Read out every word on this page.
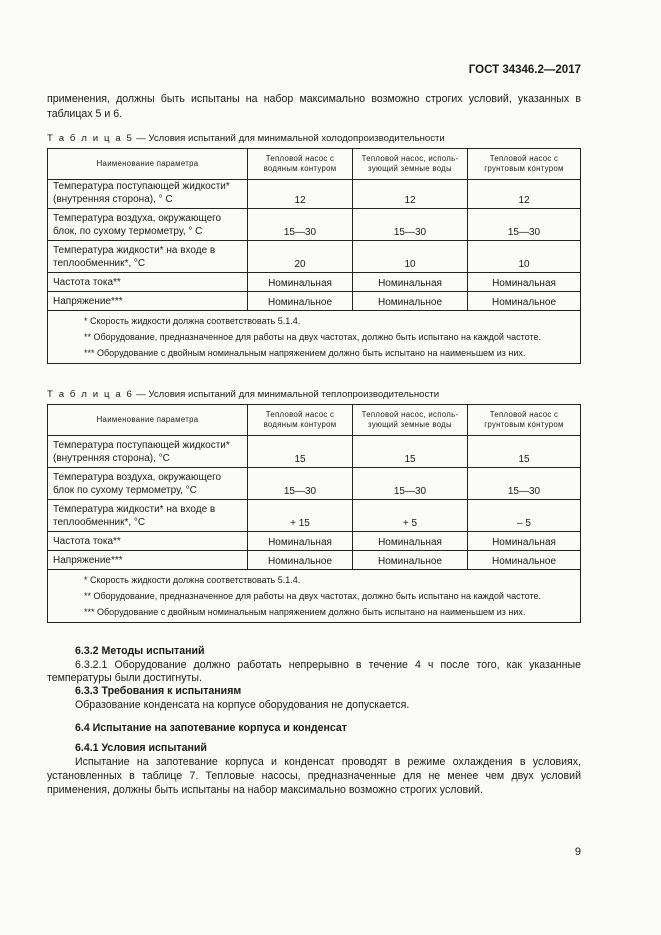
ГОСТ 34346.2—2017
применения, должны быть испытаны на набор максимально возможно строгих условий, указанных в таблицах 5 и 6.
Т а б л и ц а 5 — Условия испытаний для минимальной холодопроизводительности
Наименование параметра	Тепловой насос с водяным контуром	Тепловой насос, исполь- зующий земные воды	Тепловой насос с грунтовым контуром
Температура поступающей жидкости* (внутренняя сторона), ° С	12	12	12
Температура воздуха, окружающего блок, по сухому термометру, ° С	15—30	15—30	15—30
Температура жидкости* на входе в теплообменник*, °С	20	10	10
Частота тока**	Номинальная	Номинальная	Номинальная
Напряжение***	Номинальное	Номинальное	Номинальное

* Скорость жидкости должна соответствовать 5.1.4.
** Оборудование, предназначенное для работы на двух частотах, должно быть испытано на каждой частоте.
*** Оборудование с двойным номинальным напряжением должно быть испытано на наименьшем из них.			
Т а б л и ц а 6 — Условия испытаний для минимальной теплопроизводительности
Наименование параметра	Тепловой насос с водяным контуром	Тепловой насос, исполь- зующий земные воды	Тепловой насос с грунтовым контуром
Температура поступающей жидкости* (внутренняя сторона), °С	15	15	15
Температура воздуха, окружающего блок по сухому термометру, °С	15—30	15—30	15—30
Температура жидкости* на входе в теплообменник*, °С	+ 15	+ 5	– 5
Частота тока**	Номинальная	Номинальная	Номинальная
Напряжение***	Номинальное	Номинальное	Номинальное

* Скорость жидкости должна соответствовать 5.1.4.
** Оборудование, предназначенное для работы на двух частотах, должно быть испытано на каждой частоте.
*** Оборудование с двойным номинальным напряжением должно быть испытано на наименьшем из них.			
6.3.2 Методы испытаний
6.3.2.1 Оборудование должно работать непрерывно в течение 4 ч после того, как указанные температуры были достигнуты.
6.3.3 Требования к испытаниям
Образование конденсата на корпусе оборудования не допускается.
6.4 Испытание на запотевание корпуса и конденсат
6.4.1 Условия испытаний
Испытание на запотевание корпуса и конденсат проводят в режиме охлаждения в условиях, установленных в таблице 7. Тепловые насосы, предназначенные для не менее чем двух условий применения, должны быть испытаны на набор максимально возможно строгих условий.
9
